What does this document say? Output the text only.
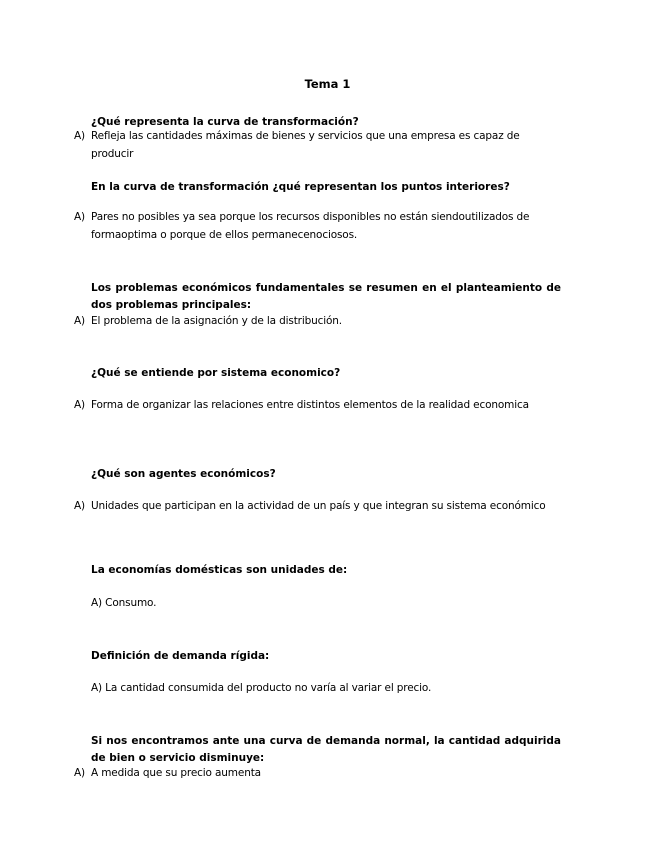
Tema 1
¿Qué representa la curva de transformación?
A) Refleja las cantidades máximas de bienes y servicios que una empresa es capaz de producir
En la curva de transformación ¿qué representan los puntos interiores?
A) Pares no posibles ya sea porque los recursos disponibles no están siendoutilizados de formaoptima o porque de ellos permanecenociosos.
Los problemas económicos fundamentales se resumen en el planteamiento de dos problemas principales:
A) El problema de la asignación y de la distribución.
¿Qué se entiende por sistema economico?
A) Forma de organizar las relaciones entre distintos elementos de la realidad economica
¿Qué son agentes económicos?
A) Unidades que participan en la actividad de un país y que integran su sistema económico
La economías domésticas son unidades de:
A) Consumo.
Definición de demanda rígida:
A) La cantidad consumida del producto no varía al variar el precio.
Si nos encontramos ante una curva de demanda normal, la cantidad adquirida de bien o servicio disminuye:
A) A medida que su precio aumenta
